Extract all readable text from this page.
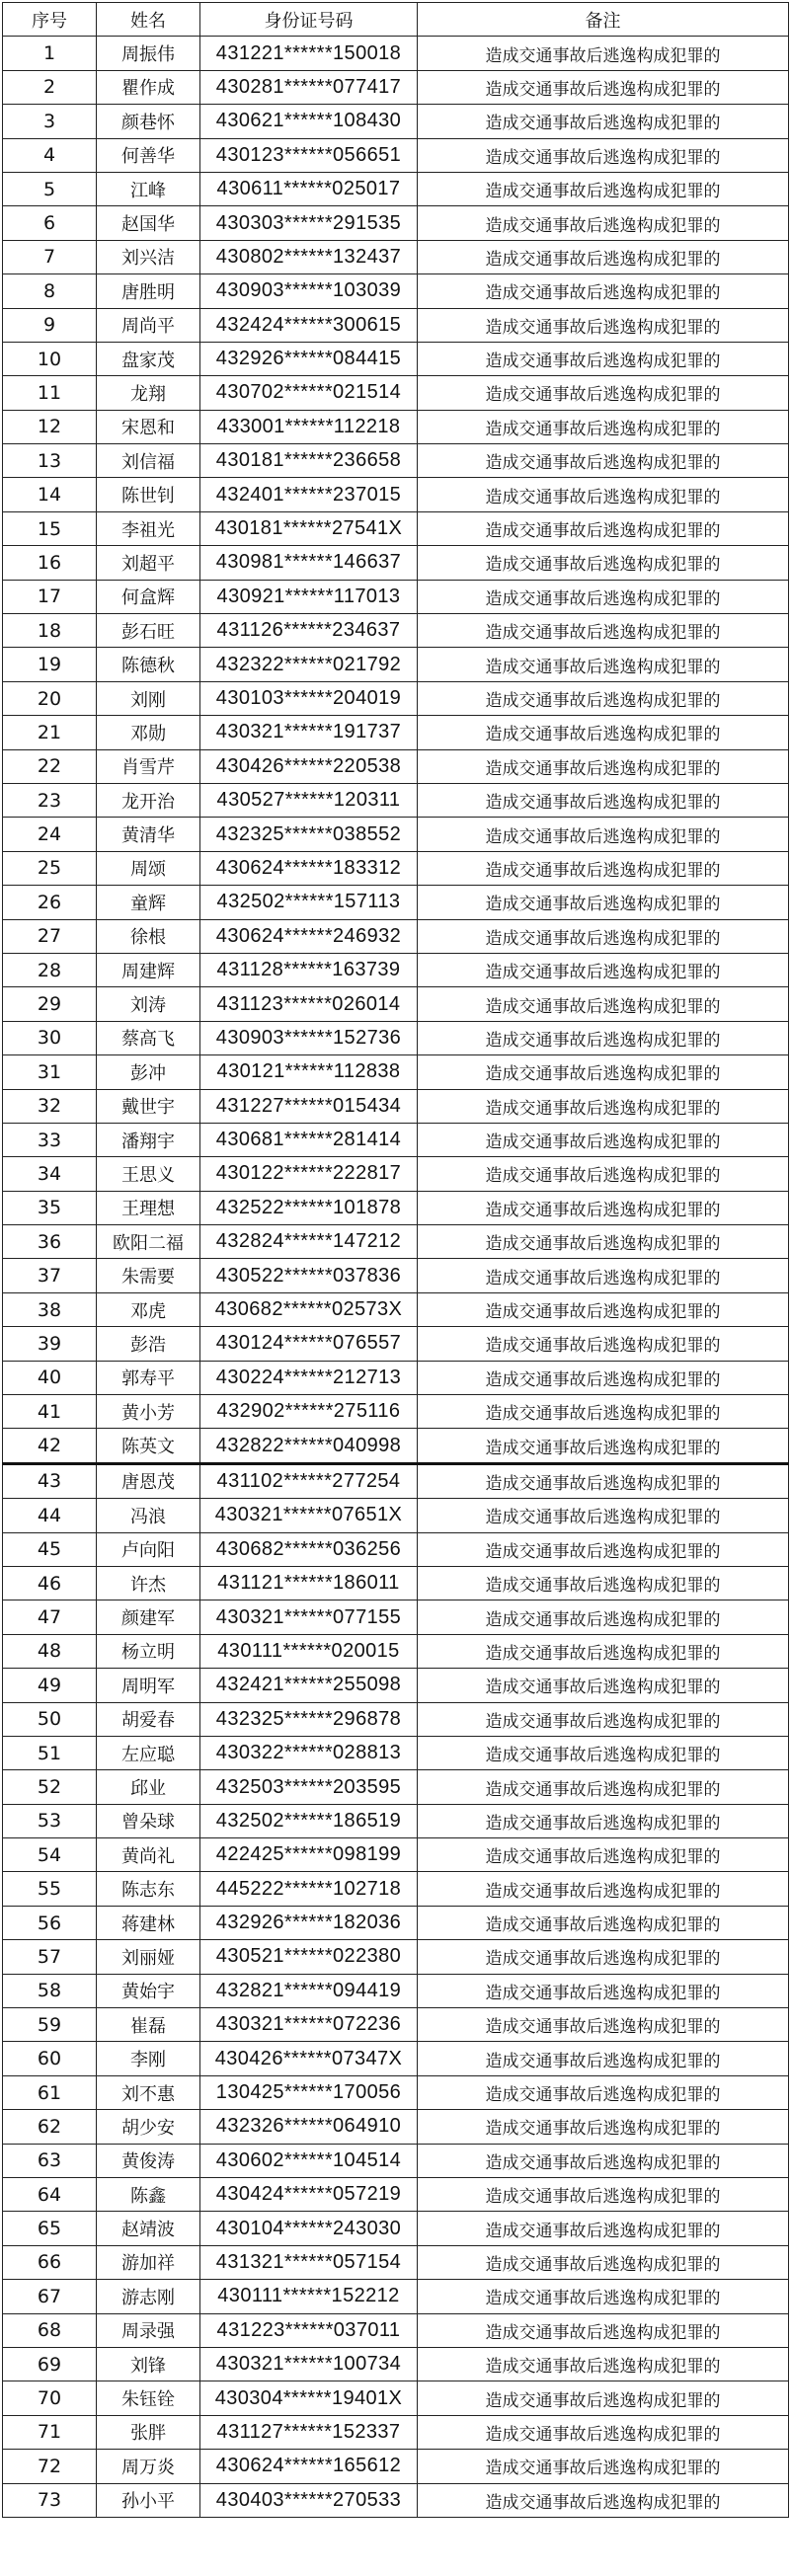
序号	姓名	身份证号码	备注
1	周振伟	431221******150018	造成交通事故后逃逸构成犯罪的
2	瞿作成	430281******077417	造成交通事故后逃逸构成犯罪的
3	颜巷怀	430621******108430	造成交通事故后逃逸构成犯罪的
4	何善华	430123******056651	造成交通事故后逃逸构成犯罪的
5	江峰	430611******025017	造成交通事故后逃逸构成犯罪的
6	赵国华	430303******291535	造成交通事故后逃逸构成犯罪的
7	刘兴洁	430802******132437	造成交通事故后逃逸构成犯罪的
8	唐胜明	430903******103039	造成交通事故后逃逸构成犯罪的
9	周尚平	432424******300615	造成交通事故后逃逸构成犯罪的
10	盘家茂	432926******084415	造成交通事故后逃逸构成犯罪的
11	龙翔	430702******021514	造成交通事故后逃逸构成犯罪的
12	宋恩和	433001******112218	造成交通事故后逃逸构成犯罪的
13	刘信福	430181******236658	造成交通事故后逃逸构成犯罪的
14	陈世钊	432401******237015	造成交通事故后逃逸构成犯罪的
15	李祖光	430181******27541X	造成交通事故后逃逸构成犯罪的
16	刘超平	430981******146637	造成交通事故后逃逸构成犯罪的
17	何盒辉	430921******117013	造成交通事故后逃逸构成犯罪的
18	彭石旺	431126******234637	造成交通事故后逃逸构成犯罪的
19	陈德秋	432322******021792	造成交通事故后逃逸构成犯罪的
20	刘刚	430103******204019	造成交通事故后逃逸构成犯罪的
21	邓勋	430321******191737	造成交通事故后逃逸构成犯罪的
22	肖雪芹	430426******220538	造成交通事故后逃逸构成犯罪的
23	龙开治	430527******120311	造成交通事故后逃逸构成犯罪的
24	黄清华	432325******038552	造成交通事故后逃逸构成犯罪的
25	周颂	430624******183312	造成交通事故后逃逸构成犯罪的
26	童辉	432502******157113	造成交通事故后逃逸构成犯罪的
27	徐根	430624******246932	造成交通事故后逃逸构成犯罪的
28	周建辉	431128******163739	造成交通事故后逃逸构成犯罪的
29	刘涛	431123******026014	造成交通事故后逃逸构成犯罪的
30	蔡高飞	430903******152736	造成交通事故后逃逸构成犯罪的
31	彭冲	430121******112838	造成交通事故后逃逸构成犯罪的
32	戴世宇	431227******015434	造成交通事故后逃逸构成犯罪的
33	潘翔宇	430681******281414	造成交通事故后逃逸构成犯罪的
34	王思义	430122******222817	造成交通事故后逃逸构成犯罪的
35	王理想	432522******101878	造成交通事故后逃逸构成犯罪的
36	欧阳二福	432824******147212	造成交通事故后逃逸构成犯罪的
37	朱需要	430522******037836	造成交通事故后逃逸构成犯罪的
38	邓虎	430682******02573X	造成交通事故后逃逸构成犯罪的
39	彭浩	430124******076557	造成交通事故后逃逸构成犯罪的
40	郭寿平	430224******212713	造成交通事故后逃逸构成犯罪的
41	黄小芳	432902******275116	造成交通事故后逃逸构成犯罪的
42	陈英文	432822******040998	造成交通事故后逃逸构成犯罪的
43	唐恩茂	431102******277254	造成交通事故后逃逸构成犯罪的
44	冯浪	430321******07651X	造成交通事故后逃逸构成犯罪的
45	卢向阳	430682******036256	造成交通事故后逃逸构成犯罪的
46	许杰	431121******186011	造成交通事故后逃逸构成犯罪的
47	颜建军	430321******077155	造成交通事故后逃逸构成犯罪的
48	杨立明	430111******020015	造成交通事故后逃逸构成犯罪的
49	周明军	432421******255098	造成交通事故后逃逸构成犯罪的
50	胡爱春	432325******296878	造成交通事故后逃逸构成犯罪的
51	左应聪	430322******028813	造成交通事故后逃逸构成犯罪的
52	邱业	432503******203595	造成交通事故后逃逸构成犯罪的
53	曾朵球	432502******186519	造成交通事故后逃逸构成犯罪的
54	黄尚礼	422425******098199	造成交通事故后逃逸构成犯罪的
55	陈志东	445222******102718	造成交通事故后逃逸构成犯罪的
56	蒋建林	432926******182036	造成交通事故后逃逸构成犯罪的
57	刘丽娅	430521******022380	造成交通事故后逃逸构成犯罪的
58	黄始宇	432821******094419	造成交通事故后逃逸构成犯罪的
59	崔磊	430321******072236	造成交通事故后逃逸构成犯罪的
60	李刚	430426******07347X	造成交通事故后逃逸构成犯罪的
61	刘不惠	130425******170056	造成交通事故后逃逸构成犯罪的
62	胡少安	432326******064910	造成交通事故后逃逸构成犯罪的
63	黄俊涛	430602******104514	造成交通事故后逃逸构成犯罪的
64	陈鑫	430424******057219	造成交通事故后逃逸构成犯罪的
65	赵靖波	430104******243030	造成交通事故后逃逸构成犯罪的
66	游加祥	431321******057154	造成交通事故后逃逸构成犯罪的
67	游志刚	430111******152212	造成交通事故后逃逸构成犯罪的
68	周录强	431223******037011	造成交通事故后逃逸构成犯罪的
69	刘锋	430321******100734	造成交通事故后逃逸构成犯罪的
70	朱钰铨	430304******19401X	造成交通事故后逃逸构成犯罪的
71	张胖	431127******152337	造成交通事故后逃逸构成犯罪的
72	周万炎	430624******165612	造成交通事故后逃逸构成犯罪的
73	孙小平	430403******270533	造成交通事故后逃逸构成犯罪的
